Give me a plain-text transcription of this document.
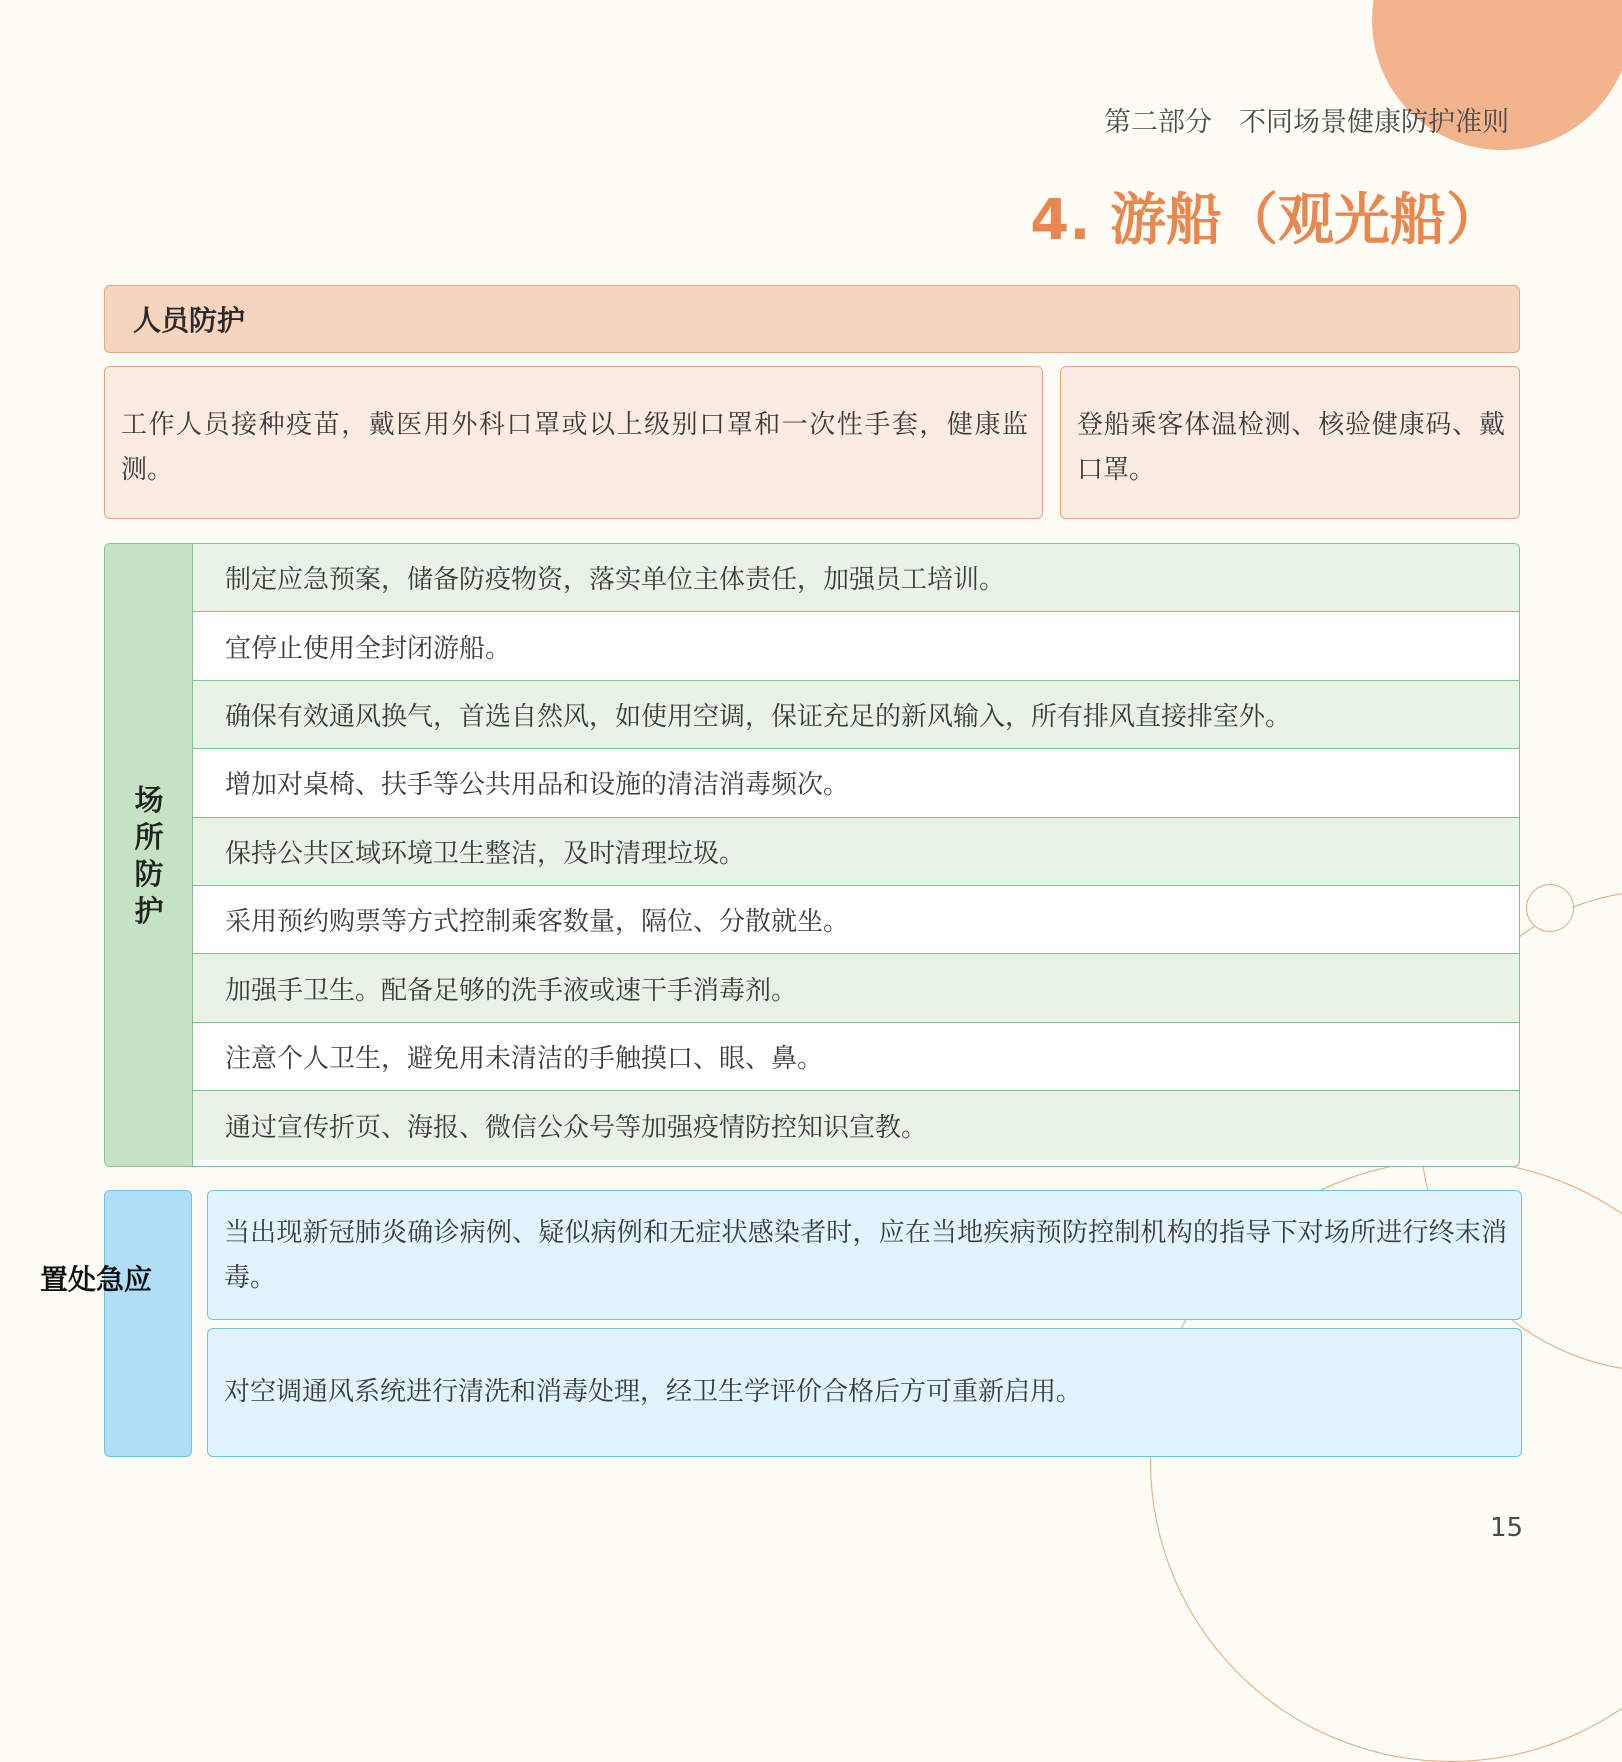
第二部分　不同场景健康防护准则
4. 游船（观光船）
人员防护
工作人员接种疫苗，戴医用外科口罩或以上级别口罩和一次性手套，健康监测。
登船乘客体温检测、核验健康码、戴口罩。
场所防护
制定应急预案，储备防疫物资，落实单位主体责任，加强员工培训。
宜停止使用全封闭游船。
确保有效通风换气，首选自然风，如使用空调，保证充足的新风输入，所有排风直接排室外。
增加对桌椅、扶手等公共用品和设施的清洁消毒频次。
保持公共区域环境卫生整洁，及时清理垃圾。
采用预约购票等方式控制乘客数量，隔位、分散就坐。
加强手卫生。配备足够的洗手液或速干手消毒剂。
注意个人卫生，避免用未清洁的手触摸口、眼、鼻。
通过宣传折页、海报、微信公众号等加强疫情防控知识宣教。
置处急应
当出现新冠肺炎确诊病例、疑似病例和无症状感染者时，应在当地疾病预防控制机构的指导下对场所进行终末消毒。
对空调通风系统进行清洗和消毒处理，经卫生学评价合格后方可重新启用。
15
